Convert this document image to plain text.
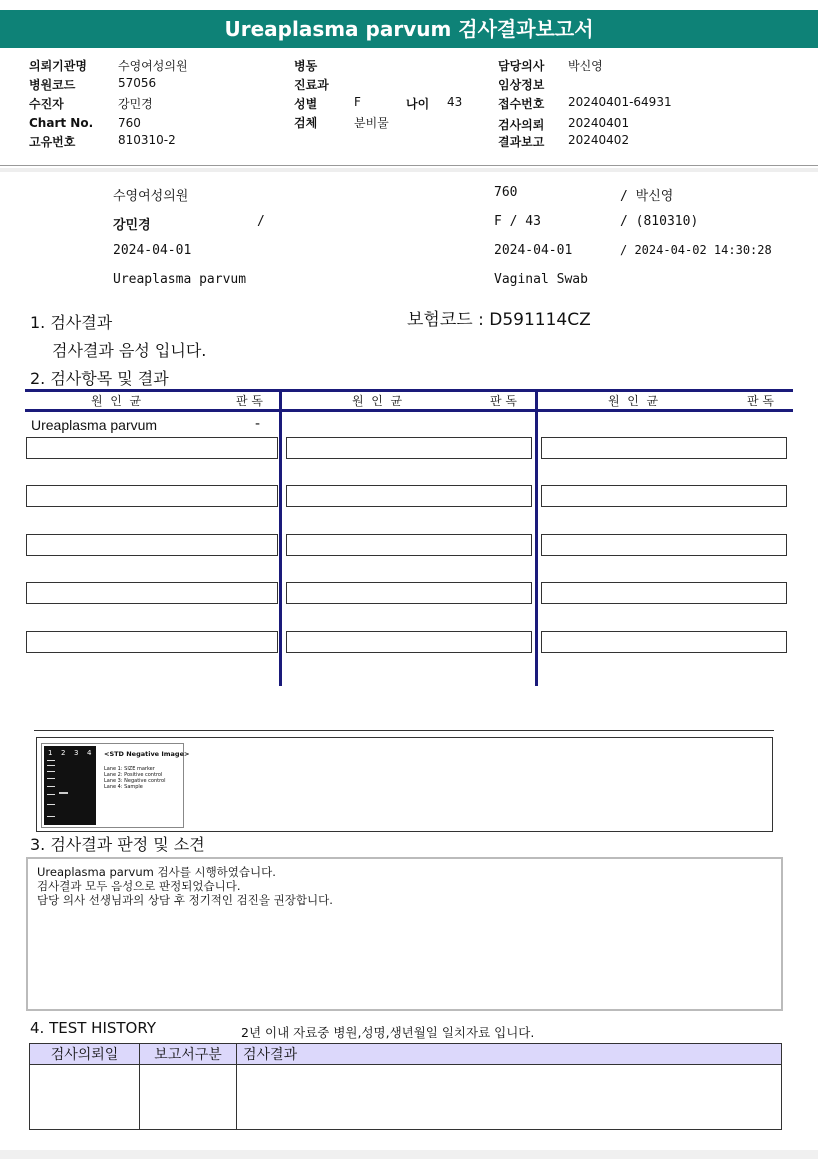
Ureaplasma parvum 검사결과보고서
의뢰기관명	수영여성의원
병원코드	57056
수진자	강민경
Chart No. 760
고유번호	810310-2
병동
진료과
성별	F	나이 43
검체	분비물
담당의사 박신영
임상정보
접수번호 20240401-64931
검사의뢰 20240401
결과보고 20240402
수영여성의원	760	/ 박신영
강민경	/	F / 43	/ (810310)
2024-04-01	2024-04-01	/ 2024-04-02 14:30:28
Ureaplasma parvum	Vaginal Swab
1. 검사결과	보험코드 : D591114CZ
검사결과 음성 입니다.
2. 검사항목 및 결과
원  인  균	판 독	원  인  균	판 독	원  인  균	판 독
Ureaplasma parvum	-
1 2 3 4 <STD Negative Image>
Lane 1: SIZE marker
Lane 2: Positive control
Lane 3: Negative control
Lane 4: Sample
3. 검사결과 판정 및 소견
Ureaplasma parvum 검사를 시행하였습니다.
검사결과 모두 음성으로 판정되었습니다.
담당 의사 선생님과의 상담 후 정기적인 검진을 권장합니다.
4. TEST HISTORY	2년 이내 자료중 병원,성명,생년월일 일치자료 입니다.
검사의뢰일	보고서구분	검사결과
